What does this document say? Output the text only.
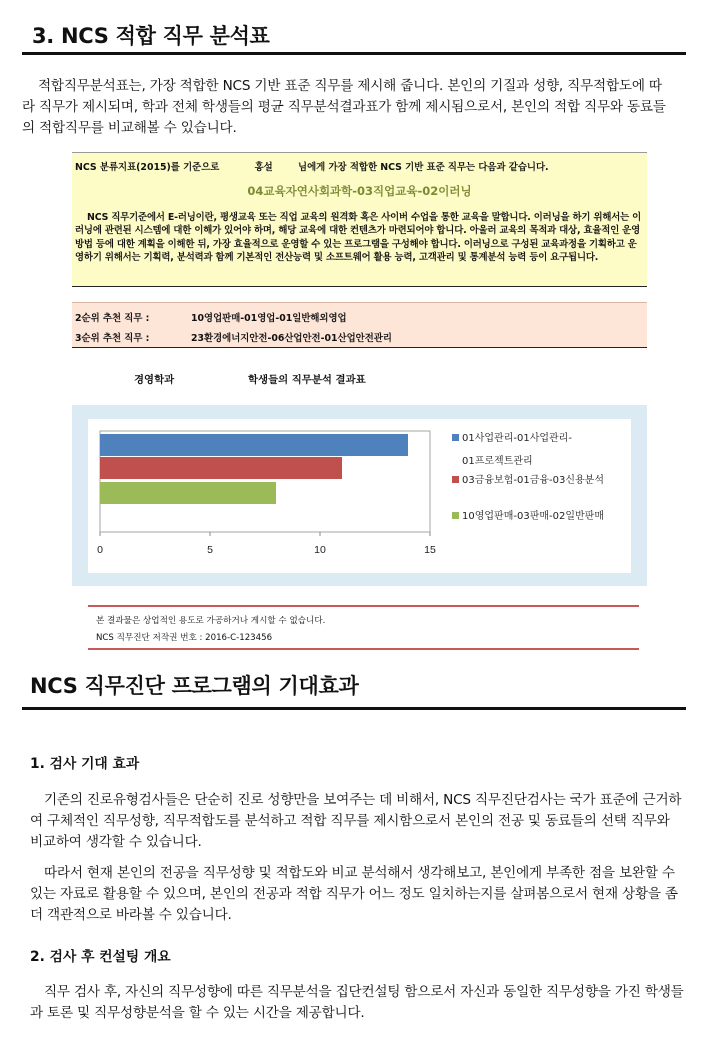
3. NCS 적합 직무 분석표
적합직무분석표는, 가장 적합한 NCS 기반 표준 직무를 제시해 줍니다. 본인의 기질과 성향, 직무적합도에 따라 직무가 제시되며, 학과 전체 학생들의 평균 직무분석결과표가 함께 제시됨으로서, 본인의 적합 직무와 동료들의 적합직무를 비교해볼 수 있습니다.
NCS 분류지표(2015)를 기준으로	홍설	님에게 가장 적합한 NCS 기반 표준 직무는 다음과 같습니다.
04교육자연사회과학-03직업교육-02이러닝
NCS 직무기준에서 E-러닝이란, 평생교육 또는 직업 교육의 원격화 혹은 사이버 수업을 통한 교육을 말합니다. 이러닝을 하기 위해서는 이러닝에 관련된 시스템에 대한 이해가 있어야 하며, 해당 교육에 대한 컨텐츠가 마련되어야 합니다. 아울러 교육의 목적과 대상, 효율적인 운영 방법 등에 대한 계획을 이해한 뒤, 가장 효율적으로 운영할 수 있는 프로그램을 구성해야 합니다. 이러닝으로 구성된 교육과정을 기획하고 운영하기 위해서는 기획력, 분석력과 함께 기본적인 전산능력 및 소프트웨어 활용 능력, 고객관리 및 통계분석 능력 등이 요구됩니다.
2순위 추천 직무 :	10영업판매-01영업-01일반해외영업
3순위 추천 직무 :	23환경에너지안전-06산업안전-01산업안전관리
경영학과	학생들의 직무분석 결과표
0	5	10	15
01사업관리-01사업관리-
01프로젝트관리
03금융보험-01금융-03신용분석
10영업판매-03판매-02일반판매
본 결과물은 상업적인 용도로 가공하거나 게시할 수 없습니다.
NCS 직무진단 저작권 번호 : 2016-C-123456
NCS 직무진단 프로그램의 기대효과
1. 검사 기대 효과
기존의 진로유형검사들은 단순히 진로 성향만을 보여주는 데 비해서, NCS 직무진단검사는 국가 표준에 근거하여 구체적인 직무성향, 직무적합도를 분석하고 적합 직무를 제시함으로서 본인의 전공 및 동료들의 선택 직무와 비교하여 생각할 수 있습니다.
따라서 현재 본인의 전공을 직무성향 및 적합도와 비교 분석해서 생각해보고, 본인에게 부족한 점을 보완할 수 있는 자료로 활용할 수 있으며, 본인의 전공과 적합 직무가 어느 정도 일치하는지를 살펴봄으로서 현재 상황을 좀 더 객관적으로 바라볼 수 있습니다.
2. 검사 후 컨설팅 개요
직무 검사 후, 자신의 직무성향에 따른 직무분석을 집단컨설팅 함으로서 자신과 동일한 직무성향을 가진 학생들과 토론 및 직무성향분석을 할 수 있는 시간을 제공합니다.
